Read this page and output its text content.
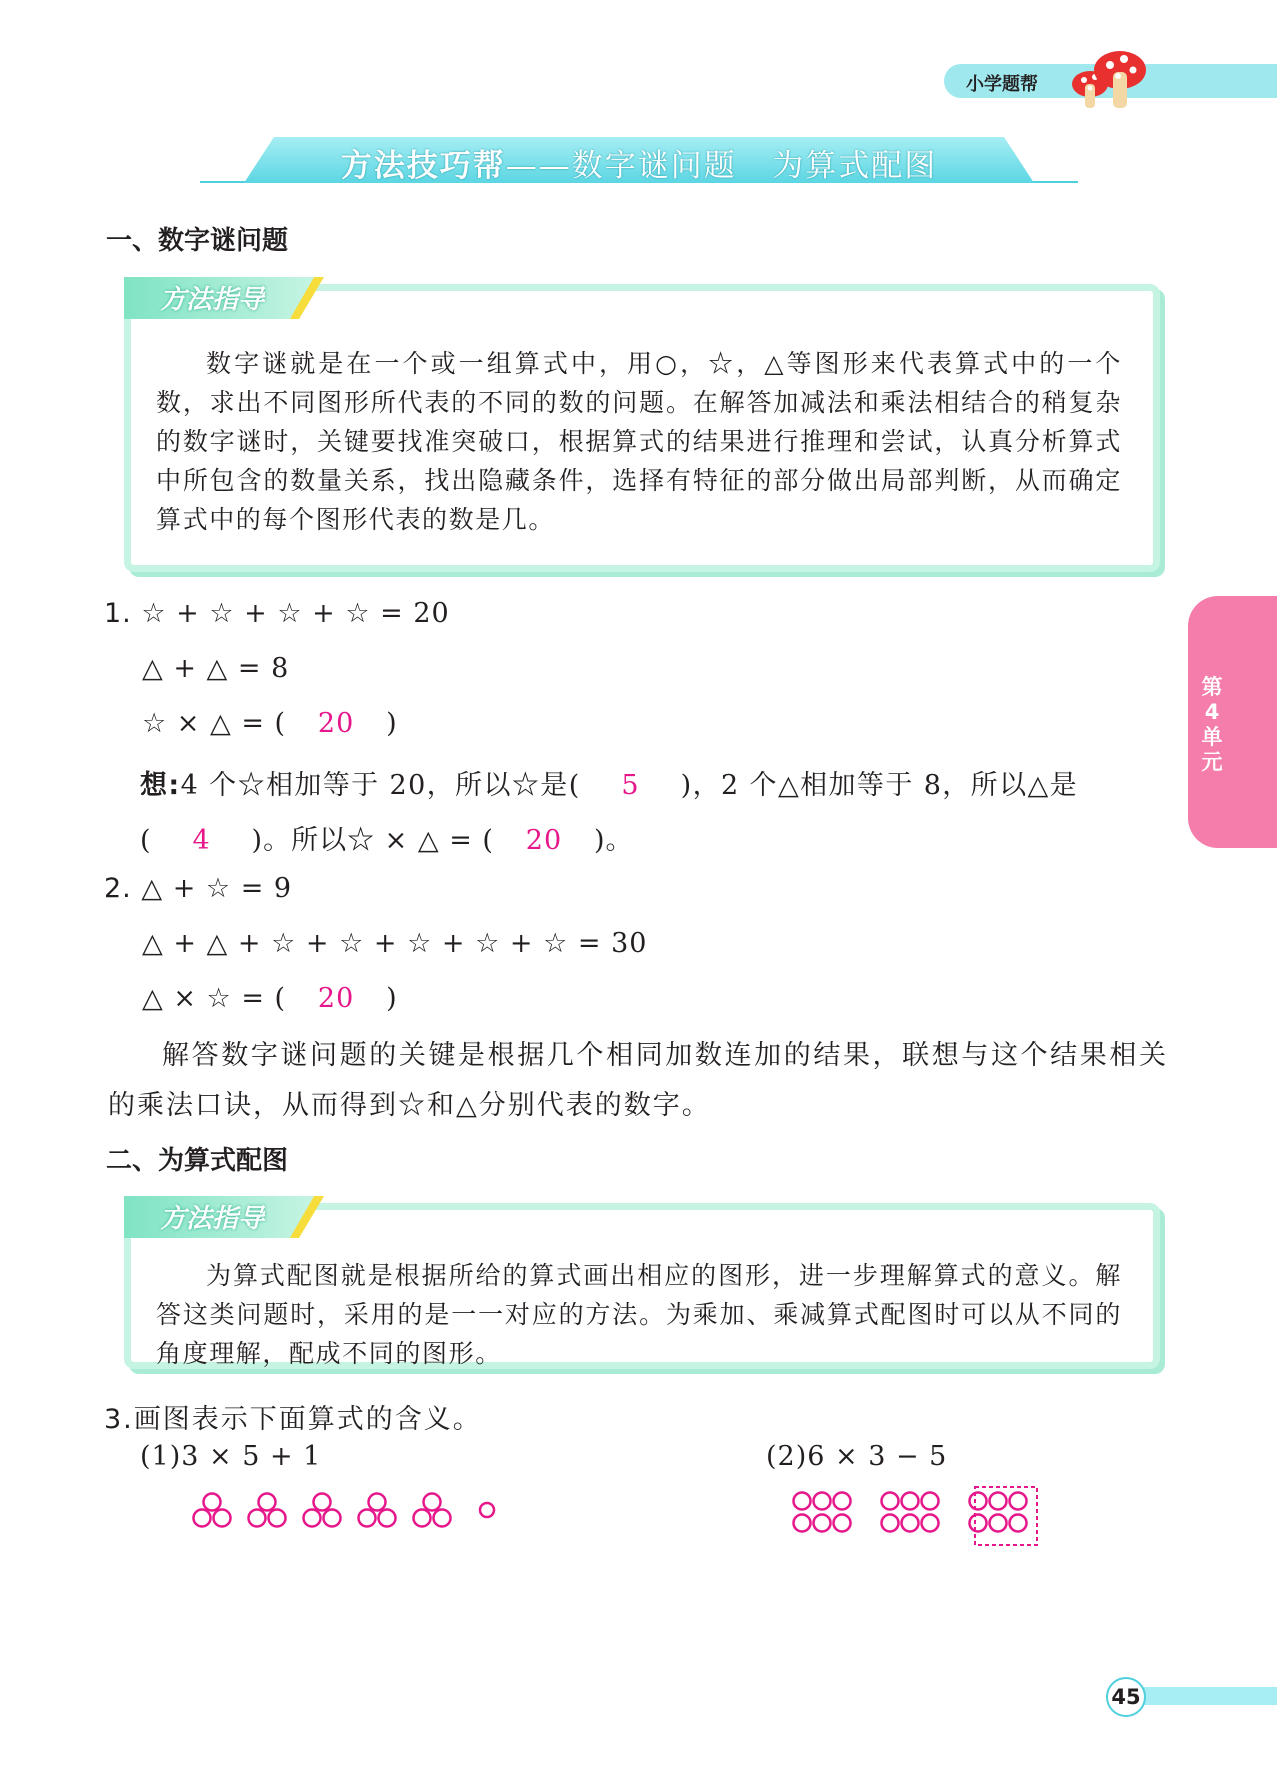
小学题帮
方法技巧帮——数字谜问题 为算式配图
一、数字谜问题
方法指导
数字谜就是在一个或一组算式中，用○，☆，△等图形来代表算式中的一个数，求出不同图形所代表的不同的数的问题。在解答加减法和乘法相结合的稍复杂的数字谜时，关键要找准突破口，根据算式的结果进行推理和尝试，认真分析算式中所包含的数量关系，找出隐藏条件，选择有特征的部分做出局部判断，从而确定算式中的每个图形代表的数是几。
1. ☆ + ☆ + ☆ + ☆ = 20
△ + △ = 8
☆ × △ = ( 20 )
想:4 个☆相加等于 20，所以☆是( 5 )，2 个△相加等于 8，所以△是
( 4 )。所以☆ × △ = ( 20 )。
2. △ + ☆ = 9
△ + △ + ☆ + ☆ + ☆ + ☆ + ☆ = 30
△ × ☆ = ( 20 )
解答数字谜问题的关键是根据几个相同加数连加的结果，联想与这个结果相关的乘法口诀，从而得到☆和△分别代表的数字。
二、为算式配图
方法指导
为算式配图就是根据所给的算式画出相应的图形，进一步理解算式的意义。解答这类问题时，采用的是一一对应的方法。为乘加、乘减算式配图时可以从不同的角度理解，配成不同的图形。
3.画图表示下面算式的含义。
(1)3 × 5 + 1	(2)6 × 3 − 5
第4单元
45
